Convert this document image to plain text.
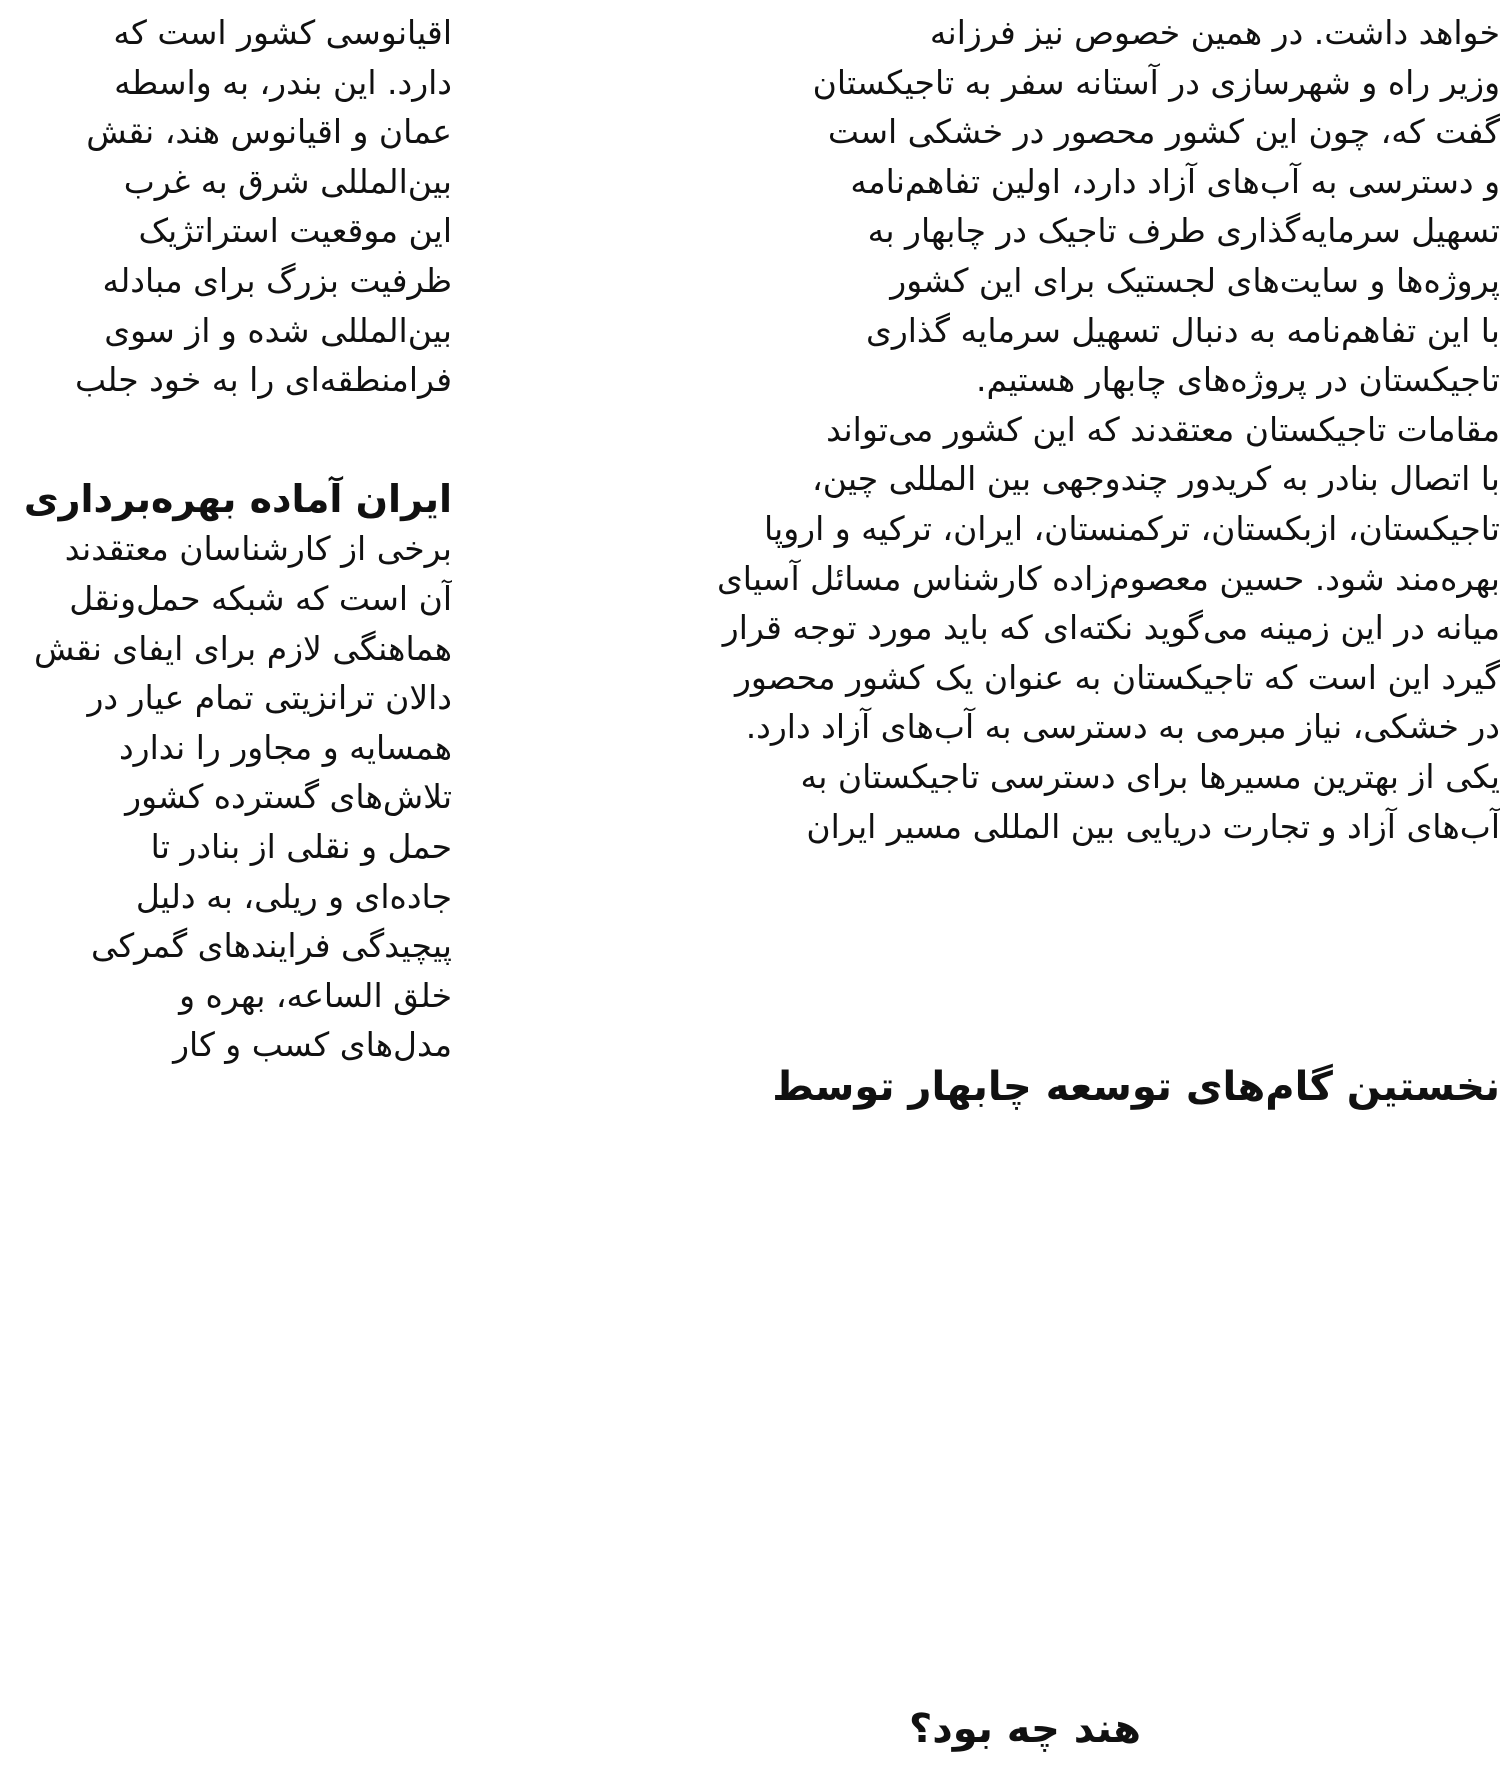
اقیانوسی کشور است که
دارد. این بندر، به واسطه
عمان و اقیانوس هند، نقش
بین‌المللی شرق به غرب
این موقعیت استراتژیک
ظرفیت بزرگ برای مبادله
بین‌المللی شده و از سوی
فرامنطقه‌ای را به خود جلب
ایران آماده بهره‌برداری
برخی از کارشناسان معتقدند
آن است که شبکه حمل‌ونقل
هماهنگی لازم برای ایفای نقش
دالان ترانزیتی تمام عیار در
همسایه و مجاور را ندارد
تلاش‌های گسترده کشور
حمل و نقلی از بنادر تا
جاده‌ای و ریلی، به دلیل
پیچیدگی فرایندهای گمرکی
خلق الساعه، بهره و
مدل‌های کسب و کار
خواهد داشت. در همین خصوص نیز فرزانه
وزیر راه و شهرسازی در آستانه سفر به تاجیکستان
گفت که، چون این کشور محصور در خشکی است
و دسترسی به آب‌های آزاد دارد، اولین تفاهم‌نامه
تسهیل سرمایه‌گذاری طرف تاجیک در چابهار به
پروژه‌ها و سایت‌های لجستیک برای این کشور
با این تفاهم‌نامه به دنبال تسهیل سرمایه گذاری
تاجیکستان در پروژه‌های چابهار هستیم.
مقامات تاجیکستان معتقدند که این کشور می‌تواند
با اتصال بنادر به کریدور چندوجهی بین المللی چین،
تاجیکستان، ازبکستان، ترکمنستان، ایران، ترکیه و اروپا
بهره‌مند شود. حسین معصوم‌زاده کارشناس مسائل آسیای
میانه در این زمینه می‌گوید نکته‌ای که باید مورد توجه قرار
گیرد این است که تاجیکستان به عنوان یک کشور محصور
در خشکی، نیاز مبرمی به دسترسی به آب‌های آزاد دارد.
یکی از بهترین مسیرها برای دسترسی تاجیکستان به
آب‌های آزاد و تجارت دریایی بین المللی مسیر ایران
نخستین گام‌های توسعه چابهار توسط
هند چه بود؟
